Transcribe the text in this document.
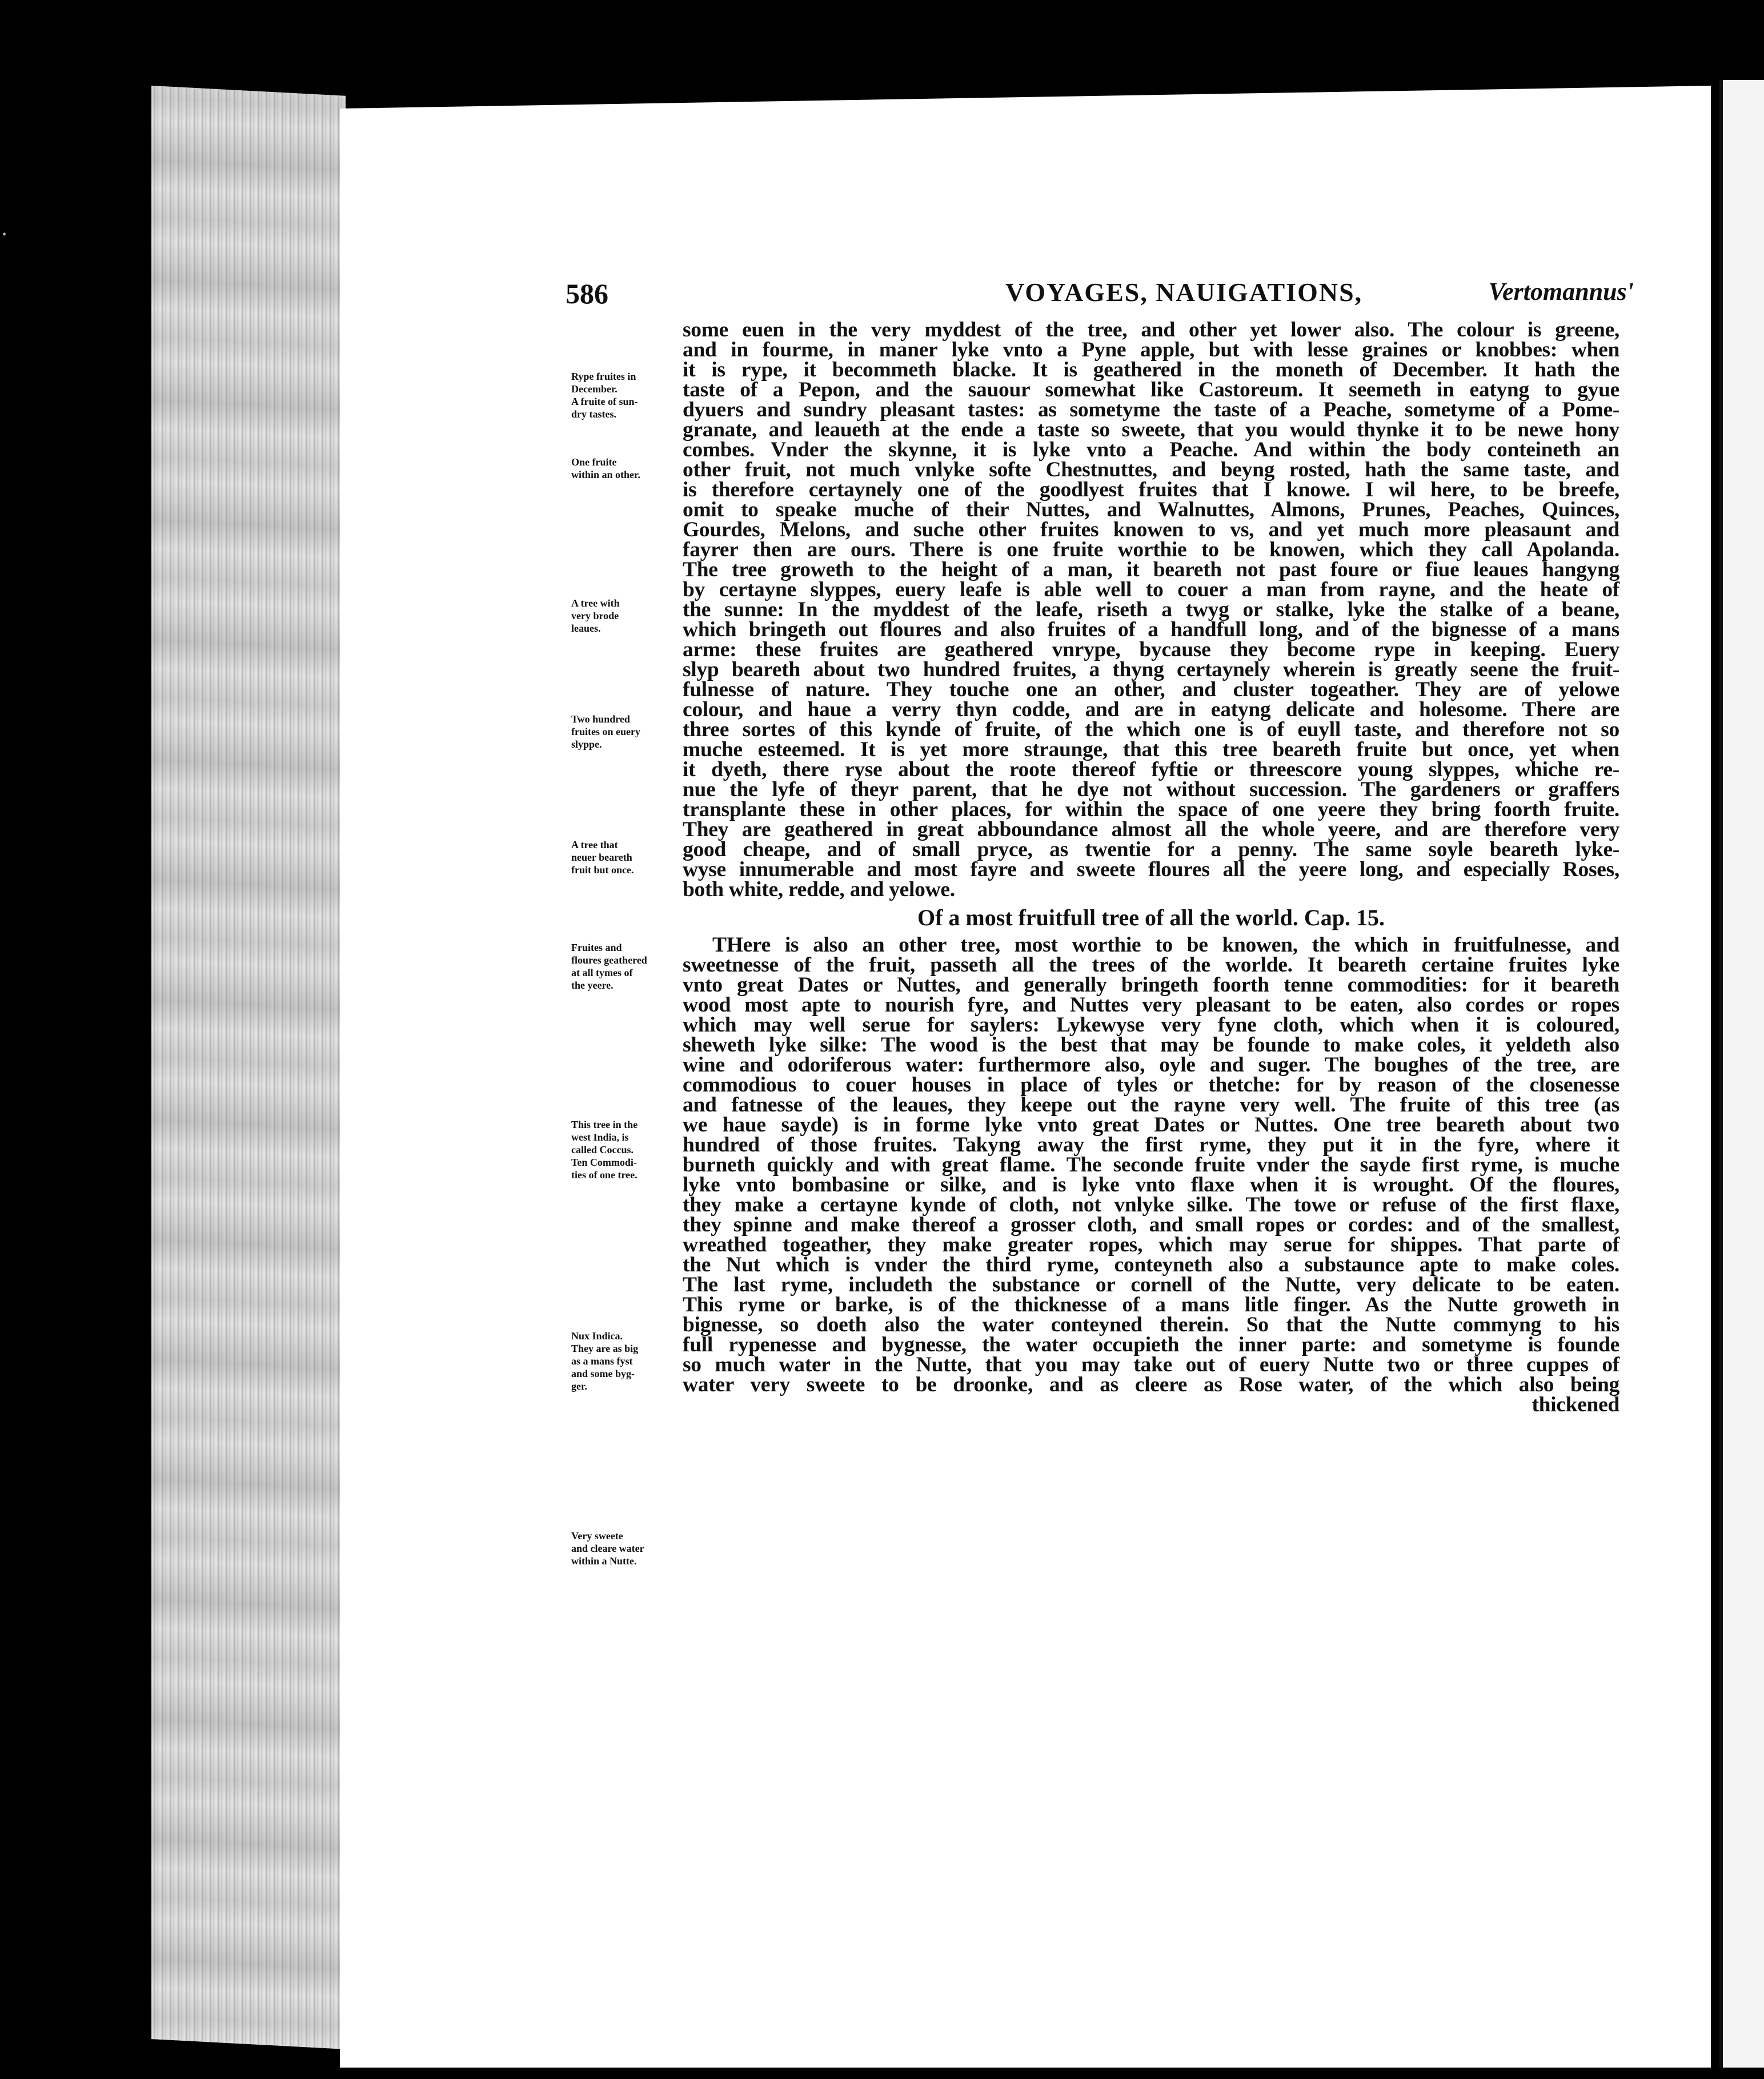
•
586	VOYAGES, NAUIGATIONS,	Vertomannus'
some euen in the very myddest of the tree, and other yet lower also. The colour is greene,
and in fourme, in maner lyke vnto a Pyne apple, but with lesse graines or knobbes: when
it is rype, it becommeth blacke. It is geathered in the moneth of December. It hath the
taste of a Pepon, and the sauour somewhat like Castoreum. It seemeth in eatyng to gyue
dyuers and sundry pleasant tastes: as sometyme the taste of a Peache, sometyme of a Pome-
granate, and leaueth at the ende a taste so sweete, that you would thynke it to be newe hony
combes. Vnder the skynne, it is lyke vnto a Peache. And within the body conteineth an
other fruit, not much vnlyke softe Chestnuttes, and beyng rosted, hath the same taste, and
is therefore certaynely one of the goodlyest fruites that I knowe. I wil here, to be breefe,
omit to speake muche of their Nuttes, and Walnuttes, Almons, Prunes, Peaches, Quinces,
Gourdes, Melons, and suche other fruites knowen to vs, and yet much more pleasaunt and
fayrer then are ours. There is one fruite worthie to be knowen, which they call Apolanda.
The tree groweth to the height of a man, it beareth not past foure or fiue leaues hangyng
by certayne slyppes, euery leafe is able well to couer a man from rayne, and the heate of
the sunne: In the myddest of the leafe, riseth a twyg or stalke, lyke the stalke of a beane,
which bringeth out floures and also fruites of a handfull long, and of the bignesse of a mans
arme: these fruites are geathered vnrype, bycause they become rype in keeping. Euery
slyp beareth about two hundred fruites, a thyng certaynely wherein is greatly seene the fruit-
fulnesse of nature. They touche one an other, and cluster togeather. They are of yelowe
colour, and haue a verry thyn codde, and are in eatyng delicate and holesome. There are
three sortes of this kynde of fruite, of the which one is of euyll taste, and therefore not so
muche esteemed. It is yet more straunge, that this tree beareth fruite but once, yet when
it dyeth, there ryse about the roote thereof fyftie or threescore young slyppes, whiche re-
nue the lyfe of theyr parent, that he dye not without succession. The gardeners or graffers
transplante these in other places, for within the space of one yeere they bring foorth fruite.
They are geathered in great abboundance almost all the whole yeere, and are therefore very
good cheape, and of small pryce, as twentie for a penny. The same soyle beareth lyke-
wyse innumerable and most fayre and sweete floures all the yeere long, and especially Roses,
both white, redde, and yelowe.
Of a most fruitfull tree of all the world. Cap. 15.
THere is also an other tree, most worthie to be knowen, the which in fruitfulnesse, and
sweetnesse of the fruit, passeth all the trees of the worlde. It beareth certaine fruites lyke
vnto great Dates or Nuttes, and generally bringeth foorth tenne commodities: for it beareth
wood most apte to nourish fyre, and Nuttes very pleasant to be eaten, also cordes or ropes
which may well serue for saylers: Lykewyse very fyne cloth, which when it is coloured,
sheweth lyke silke: The wood is the best that may be founde to make coles, it yeldeth also
wine and odoriferous water: furthermore also, oyle and suger. The boughes of the tree, are
commodious to couer houses in place of tyles or thetche: for by reason of the closenesse
and fatnesse of the leaues, they keepe out the rayne very well. The fruite of this tree (as
we haue sayde) is in forme lyke vnto great Dates or Nuttes. One tree beareth about two
hundred of those fruites. Takyng away the first ryme, they put it in the fyre, where it
burneth quickly and with great flame. The seconde fruite vnder the sayde first ryme, is muche
lyke vnto bombasine or silke, and is lyke vnto flaxe when it is wrought. Of the floures,
they make a certayne kynde of cloth, not vnlyke silke. The towe or refuse of the first flaxe,
they spinne and make thereof a grosser cloth, and small ropes or cordes: and of the smallest,
wreathed togeather, they make greater ropes, which may serue for shippes. That parte of
the Nut which is vnder the third ryme, conteyneth also a substaunce apte to make coles.
The last ryme, includeth the substance or cornell of the Nutte, very delicate to be eaten.
This ryme or barke, is of the thicknesse of a mans litle finger. As the Nutte groweth in
bignesse, so doeth also the water conteyned therein. So that the Nutte commyng to his
full rypenesse and bygnesse, the water occupieth the inner parte: and sometyme is founde
so much water in the Nutte, that you may take out of euery Nutte two or three cuppes of
water very sweete to be droonke, and as cleere as Rose water, of the which also being
thickened
Rype fruites in
December.
A fruite of sun-
dry tastes.
One fruite
within an other.
A tree with
very brode
leaues.
Two hundred
fruites on euery
slyppe.
A tree that
neuer beareth
fruit but once.
Fruites and
floures geathered
at all tymes of
the yeere.
This tree in the
west India, is
called Coccus.
Ten Commodi-
ties of one tree.
Nux Indica.
They are as big
as a mans fyst
and some byg-
ger.
Very sweete
and cleare water
within a Nutte.
